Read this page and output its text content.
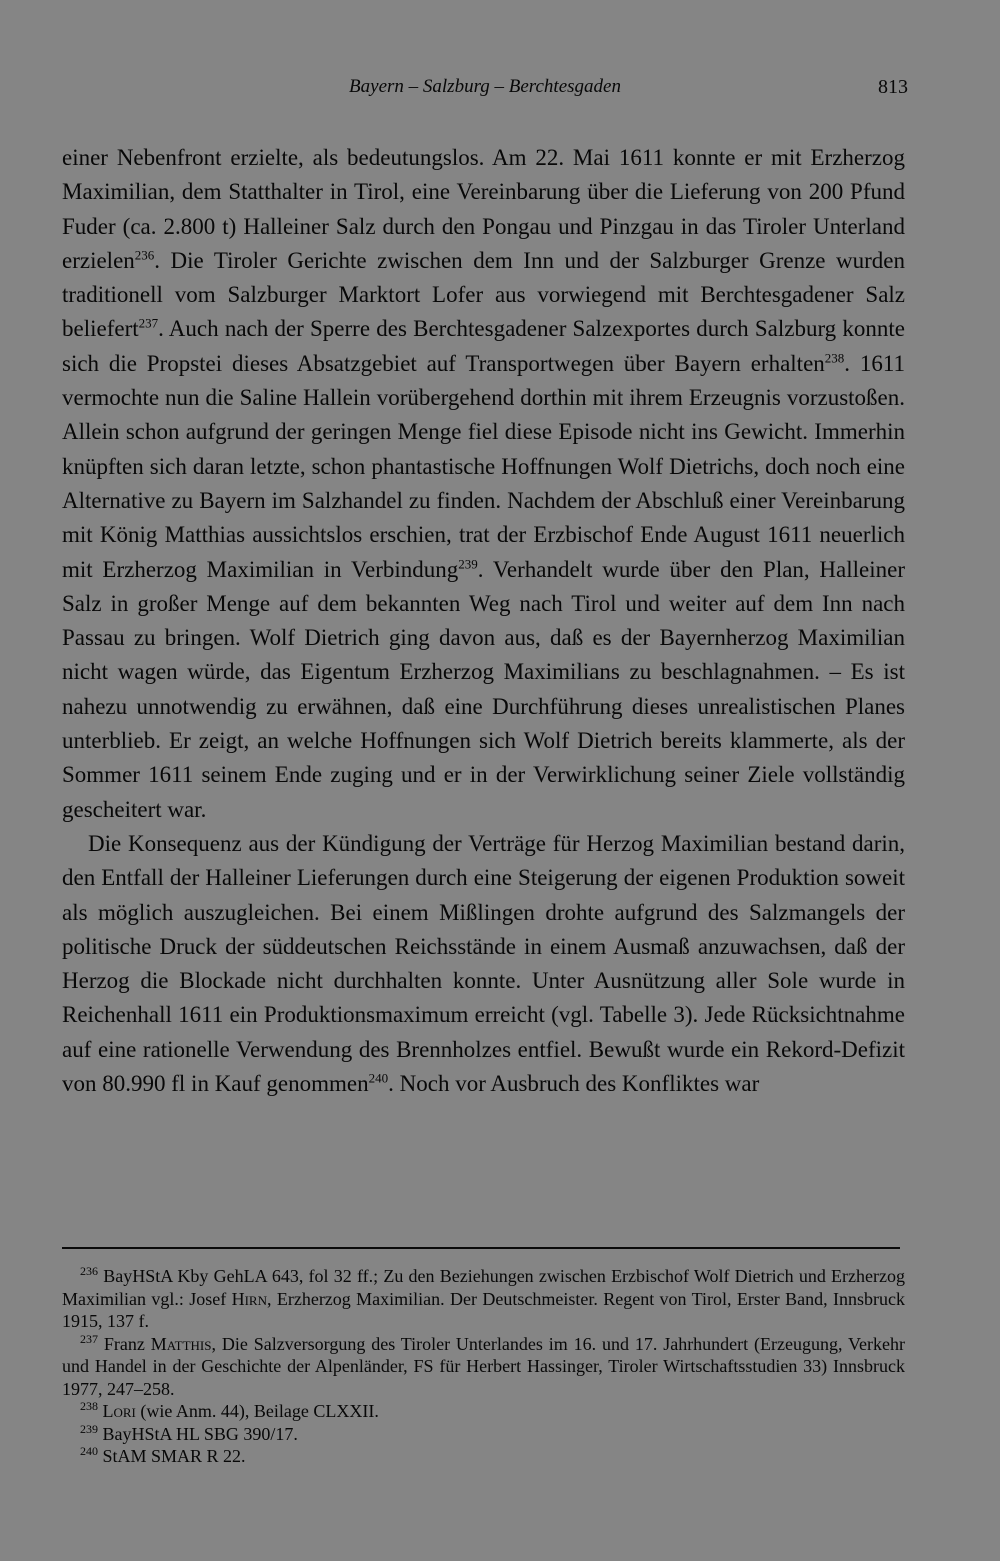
Bayern – Salzburg – Berchtesgaden	813

einer Nebenfront erzielte, als bedeutungslos. Am 22. Mai 1611 konnte er mit Erzherzog Maximilian, dem Statthalter in Tirol, eine Vereinbarung über die Lieferung von 200 Pfund Fuder (ca. 2.800 t) Halleiner Salz durch den Pongau und Pinzgau in das Tiroler Unterland erzielen$^{236}$. Die Tiroler Gerichte zwischen dem Inn und der Salzburger Grenze wurden traditionell vom Salzburger Marktort Lofer aus vorwiegend mit Berchtesgadener Salz beliefert$^{237}$. Auch nach der Sperre des Berchtesgadener Salzexportes durch Salzburg konnte sich die Propstei dieses Absatzgebiet auf Transportwegen über Bayern erhalten$^{238}$. 1611 vermochte nun die Saline Hallein vorübergehend dorthin mit ihrem Erzeugnis vorzustoßen. Allein schon aufgrund der geringen Menge fiel diese Episode nicht ins Gewicht. Immerhin knüpften sich daran letzte, schon phantastische Hoffnungen Wolf Dietrichs, doch noch eine Alternative zu Bayern im Salzhandel zu finden. Nachdem der Abschluß einer Vereinbarung mit König Matthias aussichtslos erschien, trat der Erzbischof Ende August 1611 neuerlich mit Erzherzog Maximilian in Verbindung$^{239}$. Verhandelt wurde über den Plan, Halleiner Salz in großer Menge auf dem bekannten Weg nach Tirol und weiter auf dem Inn nach Passau zu bringen. Wolf Dietrich ging davon aus, daß es der Bayernherzog Maximilian nicht wagen würde, das Eigentum Erzherzog Maximilians zu beschlagnahmen. – Es ist nahezu unnotwendig zu erwähnen, daß eine Durchführung dieses unrealistischen Planes unterblieb. Er zeigt, an welche Hoffnungen sich Wolf Dietrich bereits klammerte, als der Sommer 1611 seinem Ende zuging und er in der Verwirklichung seiner Ziele vollständig gescheitert war.

Die Konsequenz aus der Kündigung der Verträge für Herzog Maximilian bestand darin, den Entfall der Halleiner Lieferungen durch eine Steigerung der eigenen Produktion soweit als möglich auszugleichen. Bei einem Mißlingen drohte aufgrund des Salzmangels der politische Druck der süddeutschen Reichsstände in einem Ausmaß anzuwachsen, daß der Herzog die Blockade nicht durchhalten konnte. Unter Ausnützung aller Sole wurde in Reichenhall 1611 ein Produktionsmaximum erreicht (vgl. Tabelle 3). Jede Rücksichtnahme auf eine rationelle Verwendung des Brennholzes entfiel. Bewußt wurde ein Rekord-Defizit von 80.990 fl in Kauf genommen$^{240}$. Noch vor Ausbruch des Konfliktes war

$^{236}$ BayHStA Kby GehLA 643, fol 32 ff.; Zu den Beziehungen zwischen Erzbischof Wolf Dietrich und Erzherzog Maximilian vgl.: Josef Hirn, Erzherzog Maximilian. Der Deutschmeister. Regent von Tirol, Erster Band, Innsbruck 1915, 137 f.

$^{237}$ Franz Matthis, Die Salzversorgung des Tiroler Unterlandes im 16. und 17. Jahrhundert (Erzeugung, Verkehr und Handel in der Geschichte der Alpenländer, FS für Herbert Hassinger, Tiroler Wirtschaftsstudien 33) Innsbruck 1977, 247–258.

$^{238}$ Lori (wie Anm. 44), Beilage CLXXII.

$^{239}$ BayHStA HL SBG 390/17.

$^{240}$ StAM SMAR R 22.
